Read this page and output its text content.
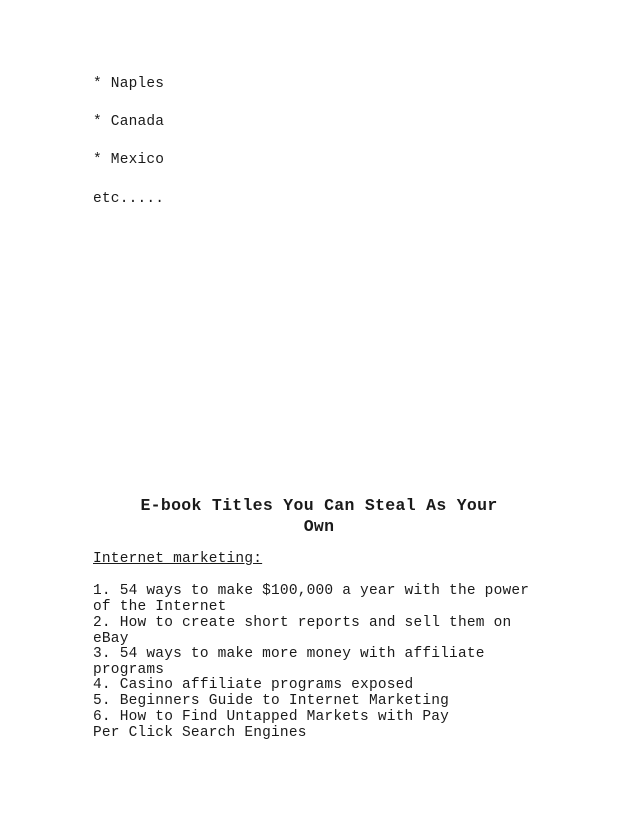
* Naples
* Canada
* Mexico
etc.....
E-book Titles You Can Steal As Your
Own
Internet marketing:
1. 54 ways to make $100,000 a year with the power
of the Internet
2. How to create short reports and sell them on
eBay
3. 54 ways to make more money with affiliate
programs
4. Casino affiliate programs exposed
5. Beginners Guide to Internet Marketing
6. How to Find Untapped Markets with Pay
Per Click Search Engines
